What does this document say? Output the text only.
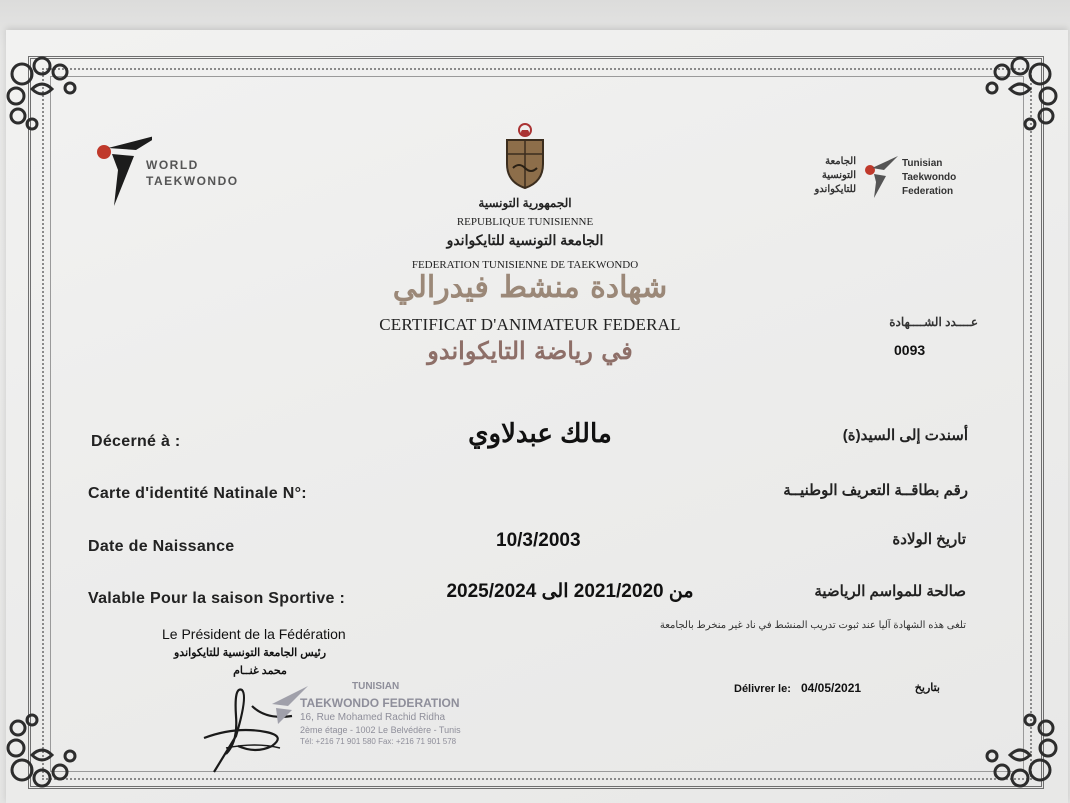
WORLD
TAEKWONDO
الجامعة
التونسية
للتايكواندو
Tunisian
Taekwondo
Federation
الجمهورية التونسية
REPUBLIQUE TUNISIENNE
الجامعة التونسية للتايكواندو
FEDERATION TUNISIENNE DE TAEKWONDO
شهادة منشط فيدرالي
CERTIFICAT D'ANIMATEUR FEDERAL
في رياضة التايكواندو
عــــدد الشــــهادة
0093
Décerné à :	مالك عبدلاوي	أسندت إلى السيد(ة)
Carte d'identité Natinale N°:	رقم بطاقــة التعريف الوطنيــة
Date de Naissance	10/3/2003	تاريخ الولادة
Valable Pour la saison Sportive :	من 2021/2020 الى 2025/2024	صالحة للمواسم الرياضية
تلغى هذه الشهادة آليا عند ثبوت تدريب المنشط في ناد غير منخرط بالجامعة
Le Président de la Fédération
رئيس الجامعة التونسية للتايكواندو
محمد غنــام
TUNISIAN
TAEKWONDO FEDERATION
16, Rue Mohamed Rachid Ridha
2ème étage - 1002 Le Belvédère - Tunis
Tél: +216 71 901 580 Fax: +216 71 901 578
Délivrer le: 04/05/2021	بتاريخ
